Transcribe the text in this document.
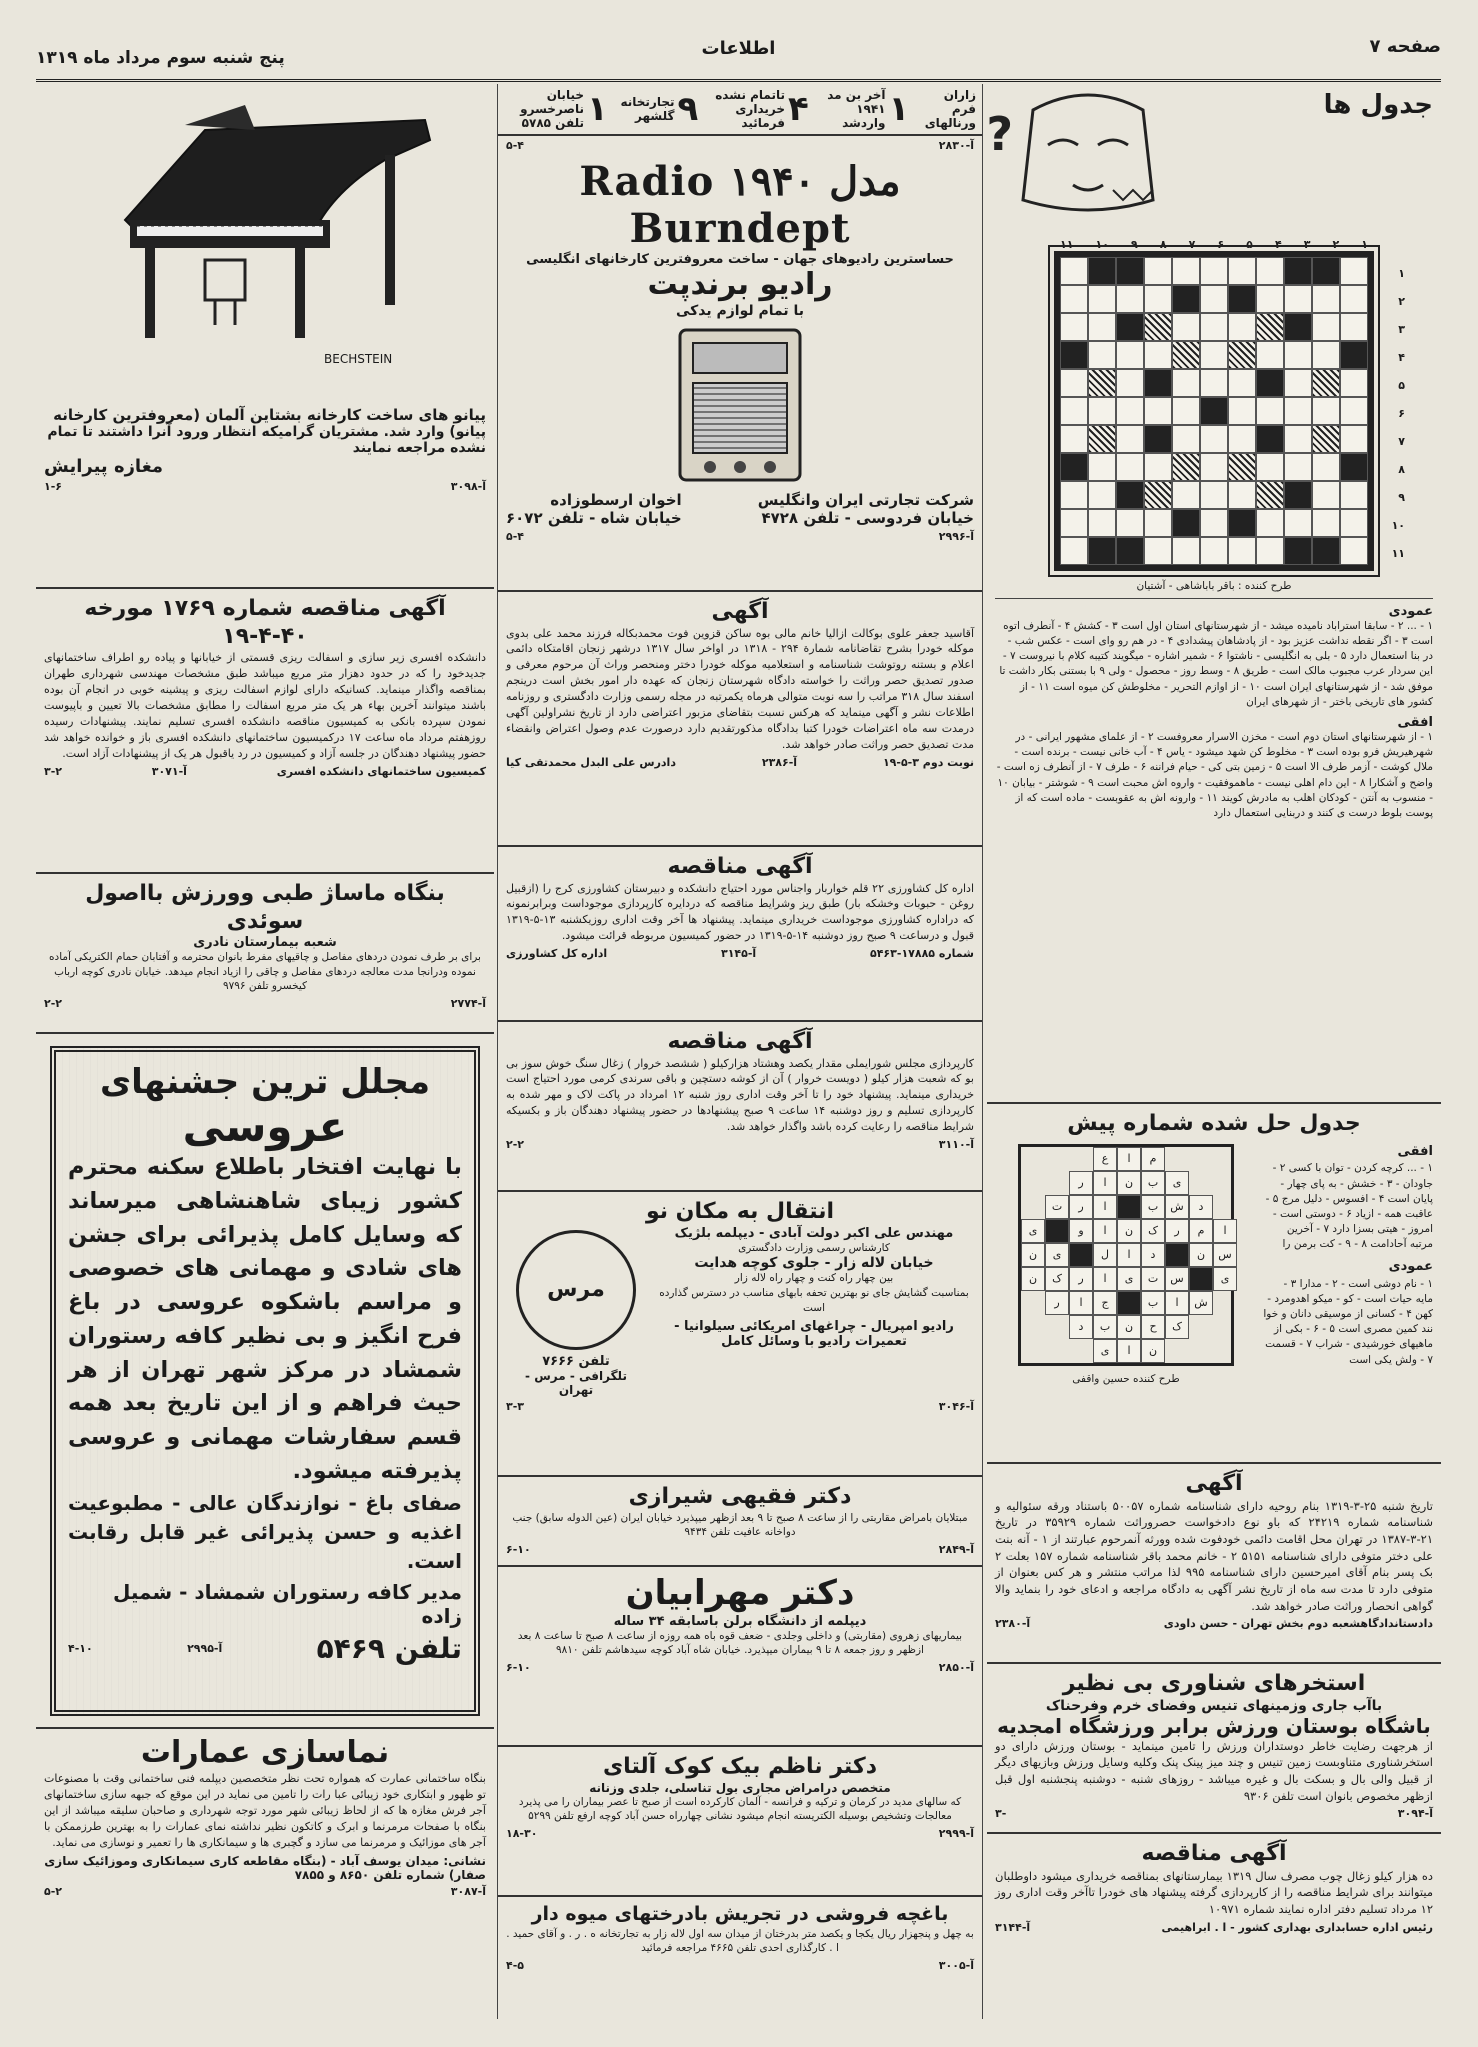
صفحه ۷
اطلاعات
پنج شنبه سوم مرداد ماه ۱۳۱۹
جدول ها
?
۱
۲
۳
۴
۵
۶
۷
۸
۹
۱۰
۱۱
۱
۲
۳
۴
۵
۶
۷
۸
۹
۱۰
۱۱
طرح کننده : باقر باباشاهی - آشتیان
عمودی
۱ - ... ۲ - سابقا استراباد نامیده میشد - از شهرستانهای استان اول است ۳ - کشش ۴ - آنطرف اتوه است ۳ - اگر نقطه نداشت عزیز بود - از پادشاهان پیشدادی ۴ - در هم رو وای است - عکس شب - در بنا استعمال دارد ۵ - بلی به انگلیسی - ناشتوا ۶ - شمیر اشاره - میگویند کتیبه کلام با نیروست ۷ - این سردار عرب مجبوب مالک است - طریق ۸ - وسط روز - محصول - ولی ۹ با بستنی بکار داشت تا موفق شد - از شهرستانهای ایران است ۱۰ - از اوازم التحریر - مخلوطش کن میوه است ۱۱ - از کشور های تاریخی باختر - از شهرهای ایران
افقی
۱ - از شهرستانهای استان دوم است - مخزن الاسرار معروفست ۲ - از علمای مشهور ایرانی - در شهرهیریش فرو بوده است ۳ - مخلوط کن شهد میشود - یاس ۴ - آب خانی نیست - برنده است - ملال کوشت - آزمر طرف الا است ۵ - زمین بتی کی - حیام فراننه ۶ - طرف ۷ - از آنطرف زه است - واضح و آشکارا ۸ - این دام اهلی نیست - ماهموفقیت - واروه اش محبت است ۹ - شوشتر - بیابان ۱۰ - منسوب به آنتن - کودکان اهلب به مادرش کویند ۱۱ - وارونه اش به عقوبست - ماده است که از پوست بلوط درست ی کنند و دربنایی استعمال دارد
جدول حل شده شماره پیش
افقی
۱ - ... کرچه کردن - توان با کسی ۲ - جاودان - ۳ - خشش - به پای چهار - پایان است ۴ - افسوس - دلیل مرج ۵ - عاقبت همه - ازیاد ۶ - دوستی است - امروز - هیتی بسزا دارد ۷ - آخرین مرتبه آحادامت ۸ - ۹ - کت برمن را
عمودی
۱ - نام دوشی است - ۲ - مدارا ۳ - مایه حیات است - کو - میکو اهدومرد - کهن ۴ - کسانی از موسیقی دانان و خوا نند کمین مصری است ۵ - ۶ - بکی از ماهیهای خورشیدی - شراب ۷ - قسمت ۷ - ولش یکی است
ع	ا	م
ر	ا	ن	ب	ی
ت	ر	ا	ب	ش	د
ی	و	ا	ن	ک	ر	م	ا
ن	ی	ل	ا	د	ن	س
ن	ک	ر	ا	ی	ت	س	ی
ر	ا	ج	ب	ا	ش
د	ب	ن	ح	ک
ی	ا	ن
طرح کننده حسین واقفی
آگهی
تاریخ شنبه ۲۵-۳-۱۳۱۹ بنام روحیه دارای شناسنامه شماره ۵۰۰۵۷ باستناد ورقه سئوالیه و شناسنامه شماره ۲۴۲۱۹ که باو نوع دادخواست حصروراثت شماره ۳۵۹۲۹ در تاریخ ۲۱-۳-۱۳۸۷ در تهران محل اقامت دائمی خودفوت شده وورثه آنمرحوم عبارتند از ۱ - آنه بنت علی دختر متوفی دارای شناسنامه ۵۱۵۱ ۲ - خانم محمد باقر شناسنامه شماره ۱۵۷ بعلت ۲ بک پسر بنام آقای امیرحسین دارای شناسنامه ۹۹۵ لذا مراتب منتشر و هر کس بعنوان از متوفی دارد تا مدت سه ماه از تاریخ نشر آگهی به دادگاه مراجعه و ادعای خود را بنماید والا گواهی انحصار وراثت صادر خواهد شد.
آ-۲۳۸۰	دادستاندادگاهشعبه دوم بخش تهران - حسن داودی
استخرهای شناوری بی نظیر
باآب جاری وزمینهای تنیس وفضای خرم وفرحناک
باشگاه بوستان ورزش برابر ورزشگاه امجدیه
از هرجهت رضایت خاطر دوستداران ورزش را تامین مینماید - بوستان ورزش دارای دو استخرشناوری متناوبست زمین تنیس و چند میز پینک پنک وکلیه وسایل ورزش وبازیهای دیگر از قبیل والی بال و بسکت بال و غیره میباشد - روزهای شنبه - دوشنبه پنجشنبه اول قبل ازظهر مخصوص بانوان است تلفن ۹۳۰۶
۳-	آ-۳۰۹۴
آگهی مناقصه
ده هزار کیلو زغال چوب مصرف سال ۱۳۱۹ بیمارستانهای بمناقصه خریداری میشود داوطلبان میتوانند برای شرایط مناقصه را از کارپردازی گرفته پیشنهاد های خودرا تاآخر وقت اداری روز ۱۲ مرداد تسلیم دفتر اداره نمایند شماره ۱۰۹۷۱
آ-۳۱۴۴	رئیس اداره حسابداری بهداری کشور - ا . ابراهیمی
زاران فرم ورنالهای
۱
آخر بن مد ۱۹۴۱ واردشد
۴
تاتمام نشده خریداری فرمائید
۹
تجارتخانه گلشهر
۱
خیابان ناصرخسرو تلفن ۵۷۸۵
۵-۴	آ-۲۸۳۰
Radio ۱۹۴۰ مدل Burndept
حساسترین رادیوهای جهان - ساخت معروفترین کارخانهای انگلیسی
رادیو برندپت
با تمام لوازم یدکی
شرکت تجارتی ایران وانگلیس
خیابان فردوسی - تلفن ۴۷۲۸
اخوان ارسطوزاده
خیابان شاه - تلفن ۶۰۷۲
۵-۴	آ-۲۹۹۶
آگهی
آقاسید جعفر علوی بوکالت ازالیا خانم مالی بوه ساکن قزوین فوت محمدبکاله فرزند محمد علی بدوی موکله خودرا بشرح تقاضانامه شمارة ۲۹۴ - ۱۳۱۸ در اواخر سال ۱۳۱۷ درشهر زنجان اقامتکاه دائمی اعلام و بستنه روتوشت شناسنامه و استعلامیه موکله خودرا دختر ومنحصر وراث آن مرحوم معرفی و صدور تصدیق حصر وراثت را خواسته دادگاه شهرستان زنجان که عهده دار امور بخش است درینجم اسفند سال ۳۱۸ مراتب را سه نوبت متوالی هرماه یکمرتبه در مجله رسمی وزارت دادگستری و روزنامه اطلاعات نشر و آگهی مینماید که هرکس نسبت بتقاضای مزبور اعتراضی دارد از تاریخ نشراولین آگهی درمدت سه ماه اعتراضات خودرا کتبا بدادگاه مذکورتقدیم دارد درصورت عدم وصول اعتراض وانقضاء مدت تصدیق حصر وراثت صادر خواهد شد.
دادرس علی البدل محمدتقی کیا	آ-۲۳۸۶	نوبت دوم ۳-۵-۱۹
آگهی مناقصه
اداره کل کشاورزی ۲۲ قلم خواربار واجناس مورد احتیاج دانشکده و دبیرستان کشاورزی کرج را (ازقبیل روغن - حبوبات وخشکه بار) طبق ریز وشرایط مناقصه که دردایره کارپردازی موجوداست وبرابرنمونه که دراداره کشاورزی موجوداست خریداری مینماید. پیشنهاد ها آخر وقت اداری روزیکشنبه ۱۳-۵-۱۳۱۹ قبول و درساعت ۹ صبح روز دوشنبه ۱۴-۵-۱۳۱۹ در حضور کمیسیون مربوطه قرائت میشود.
اداره کل کشاورزی	آ-۳۱۴۵	شماره ۱۷۸۸۵-۵۴۶۳
آگهی مناقصه
کارپردازی مجلس شورایملی مقدار یکصد وهشتاد هزارکیلو ( ششصد خروار ) زغال سنگ خوش سوز بی بو که شعبت هزار کیلو ( دویست خروار ) آن از کوشه دستچین و باقی سرندی کرمی مورد احتیاج است خریداری مینماید. پیشنهاد خود را تا آخر وقت اداری روز شنبه ۱۲ امرداد در پاکت لاک و مهر شده به کارپردازی تسلیم و روز دوشنبه ۱۴ ساعت ۹ صبح پیشنهادها در حضور پیشنهاد دهندگان باز و بکسیکه شرایط مناقصه را رعایت کرده باشد واگذار خواهد شد.
۲-۲	آ-۳۱۱۰
انتقال به مکان نو
مهندس علی اکبر دولت آبادی - دیپلمه بلژیک
کارشناس رسمی وزارت دادگستری
خیابان لاله زار - جلوی کوچه هدایت
بین چهار راه کنت و چهار راه لاله زار
بمناسبت گشایش جای نو بهترین تحفه بابهای مناسب در دسترس گذارده است
رادیو امپریال - چراغهای امریکائی سیلوانیا - تعمیرات رادیو با وسائل کامل
مرس
تلفن ۷۶۶۶
تلگرافی - مرس - تهران
۳-۳	آ-۳۰۴۶
دکتر فقیهی شیرازی
مبتلایان بامراض مقاربتی را از ساعت ۸ صبح تا ۹ بعد ازظهر میپذیرد خیابان ایران (عین الدوله سابق) جنب دواخانه عافیت تلفن ۹۴۳۴
۶-۱۰	آ-۲۸۴۹
دکتر مهرابیان
دیپلمه از دانشگاه برلن باسابقه ۳۴ ساله
بیماریهای زهروی (مقاربتی) و داخلی وجلدی - ضعف قوه باه همه روزه از ساعت ۸ صبح تا ساعت ۸ بعد ازظهر و روز جمعه ۸ تا ۹ بیماران میپذیرد. خیابان شاه آباد کوچه سیدهاشم تلفن ۹۸۱۰
۶-۱۰	آ-۲۸۵۰
دکتر ناظم بیک کوک آلتای
متخصص درامراض مجاری بول تناسلی، جلدی وزنانه
که سالهای مدید در کرمان و ترکیه و فرانسه - آلمان کارکرده است از صبح تا عصر بیماران را می پذیرد معالجات وتشخیص بوسیله الکتریسته انجام میشود نشانی چهارراه حسن آباد کوچه ارفع تلفن ۵۲۹۹
۱۸-۳۰	آ-۲۹۹۹
باغچه فروشی در تجریش بادرختهای میوه دار
به چهل و پنجهزار ریال یکجا و یکصد متر بدرختان از میدان سه اول لاله زار به تجارتخانه ه . ر . و آقای حمید . ا . کارگذاری احدی تلفن ۴۶۶۵ مراجعه فرمائید
۴-۵	آ-۳۰۰۵
BECHSTEIN
پیانو های ساخت کارخانه بشتاین آلمان (معروفترین کارخانه
پیانو) وارد شد. مشتریان گرامیکه انتظار ورود آنرا داشتند تا تمام نشده مراجعه نمایند
مغازه پیرایش
۱-۶	آ-۳۰۹۸
آگهی مناقصه شماره ۱۷۶۹ مورخه ۴۰-۴-۱۹
دانشکده افسری زیر سازی و اسفالت ریزی قسمتی از خیابانها و پیاده رو اطراف ساختمانهای جدیدخود را که در حدود دهزار متر مربع میباشد طبق مشخصات مهندسی شهرداری طهران بمناقصه واگذار مینماید. کسانیکه دارای لوازم اسفالت ریزی و پیشینه خوبی در انجام آن بوده باشند میتوانند آخرین بهاء هر یک متر مربع اسفالت را مطابق مشخصات بالا تعیین و باپیوست نمودن سپرده بانکی به کمیسیون مناقصه دانشکده افسری تسلیم نمایند. پیشنهادات رسیده روزهفتم مرداد ماه ساعت ۱۷ درکمیسیون ساختمانهای دانشکده افسری باز و خوانده خواهد شد حضور پیشنهاد دهندگان در جلسه آزاد و کمیسیون در رد یاقبول هر یک از پیشنهادات آزاد است.
۳-۲	آ-۳۰۷۱	کمیسیون ساختمانهای دانشکده افسری
بنگاه ماساژ طبی وورزش بااصول سوئدی
شعبه بیمارستان نادری
برای بر طرف نمودن دردهای مفاصل و چاقیهای مفرط بانوان محترمه و آفتابان حمام الکتریکی آماده نموده ودرانجا مدت معالجه دردهای مفاصل و چاقی را ازیاد انجام میدهد. خیابان نادری کوچه ارباب کیخسرو تلفن ۹۷۹۶
۲-۲	آ-۲۷۷۴
مجلل ترین جشنهای
عروسی
با نهایت افتخار باطلاع سکنه محترم کشور زیبای شاهنشاهی میرساند که وسایل کامل پذیرائی برای جشن های شادی و مهمانی های خصوصی و مراسم باشکوه عروسی در باغ فرح انگیز و بی نظیر کافه رستوران شمشاد در مرکز شهر تهران از هر حیث فراهم و از این تاریخ بعد همه قسم سفارشات مهمانی و عروسی پذیرفته میشود.
صفای باغ - نوازندگان عالی - مطبوعیت اغذیه و حسن پذیرائی غیر قابل رقابت است.
مدیر کافه رستوران شمشاد - شمیل زاده
تلفن ۵۴۶۹
آ-۲۹۹۵
۴-۱۰
نماسازی عمارات
بنگاه ساختمانی عمارت که همواره تحت نظر متخصصین دیپلمه فنی ساختمانی وقت با مصنوعات تو ظهور و ابتکاری خود زیبائی عبا رات را تامین می نماید در این موقع که جبهه سازی ساختمانهای آجر فرش مغازه ها که از لحاظ زیبائی شهر مورد توجه شهرداری و صاحبان سلیقه میباشد از این بنگاه با صفحات مرمرنما و ابرک و کاتکون نظیر نداشته نمای عمارات را به بهترین طرزممکن با آجر های موزائیک و مرمرنما می سازد و گچبری ها و سیمانکاری ها را تعمیر و نوسازی می نماید.
نشانی: میدان یوسف آباد - (بنگاه مقاطعه کاری سیمانکاری وموزائیک سازی صفار) شماره تلفن ۸۶۵۰ و ۷۸۵۵
۵-۲	آ-۳۰۸۷
